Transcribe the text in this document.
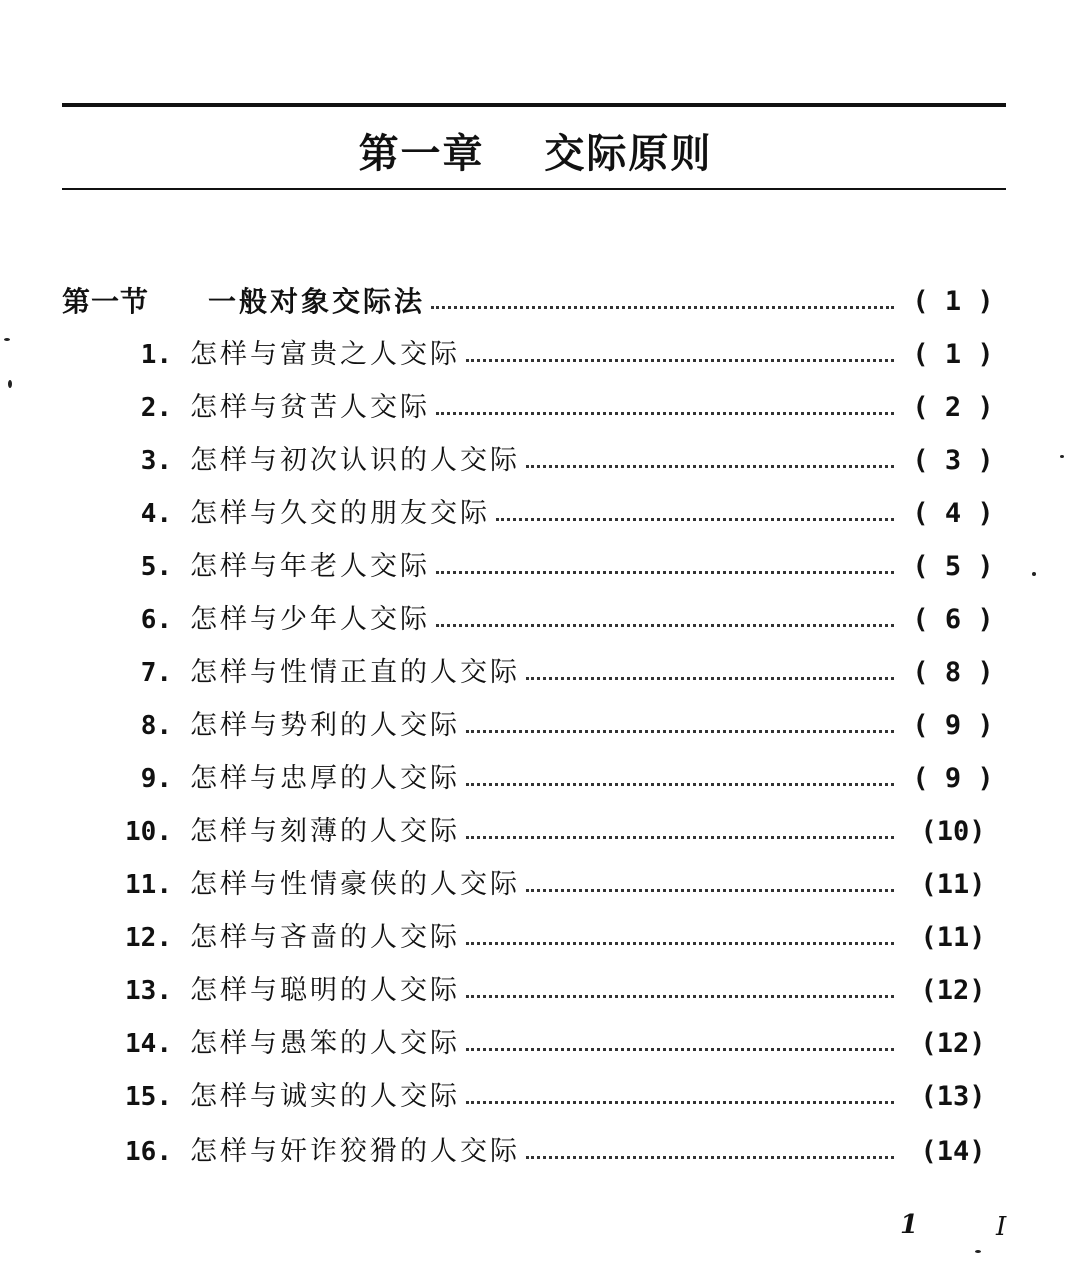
第一章  交际原则
第一节	一般对象交际法	( 1 )
1. 怎样与富贵之人交际	( 1 )
2. 怎样与贫苦人交际	( 2 )
3. 怎样与初次认识的人交际	( 3 )
4. 怎样与久交的朋友交际	( 4 )
5. 怎样与年老人交际	( 5 )
6. 怎样与少年人交际	( 6 )
7. 怎样与性情正直的人交际	( 8 )
8. 怎样与势利的人交际	( 9 )
9. 怎样与忠厚的人交际	( 9 )
10. 怎样与刻薄的人交际	(10)
11. 怎样与性情豪侠的人交际	(11)
12. 怎样与吝啬的人交际	(11)
13. 怎样与聪明的人交际	(12)
14. 怎样与愚笨的人交际	(12)
15. 怎样与诚实的人交际	(13)
16. 怎样与奸诈狡猾的人交际	(14)
1	I
